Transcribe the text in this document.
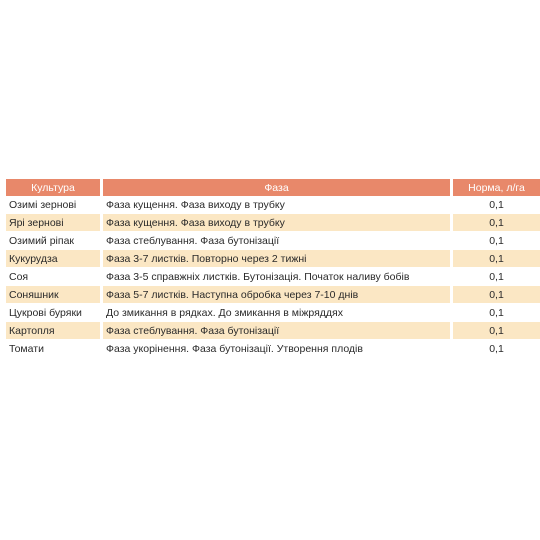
Культура	Фаза	Норма, л/га
Озимі зернові	Фаза кущення. Фаза виходу в трубку	0,1
Ярі зернові	Фаза кущення. Фаза виходу в трубку	0,1
Озимий ріпак	Фаза стеблування. Фаза бутонізації	0,1
Кукурудза	Фаза 3-7 листків. Повторно через 2 тижні	0,1
Соя	Фаза 3-5 справжніх листків. Бутонізація. Початок наливу бобів	0,1
Соняшник	Фаза 5-7 листків. Наступна обробка через 7-10 днів	0,1
Цукрові буряки	До змикання в рядках. До змикання в міжряддях	0,1
Картопля	Фаза стеблування. Фаза бутонізації	0,1
Томати	Фаза укорінення. Фаза бутонізації. Утворення плодів	0,1
